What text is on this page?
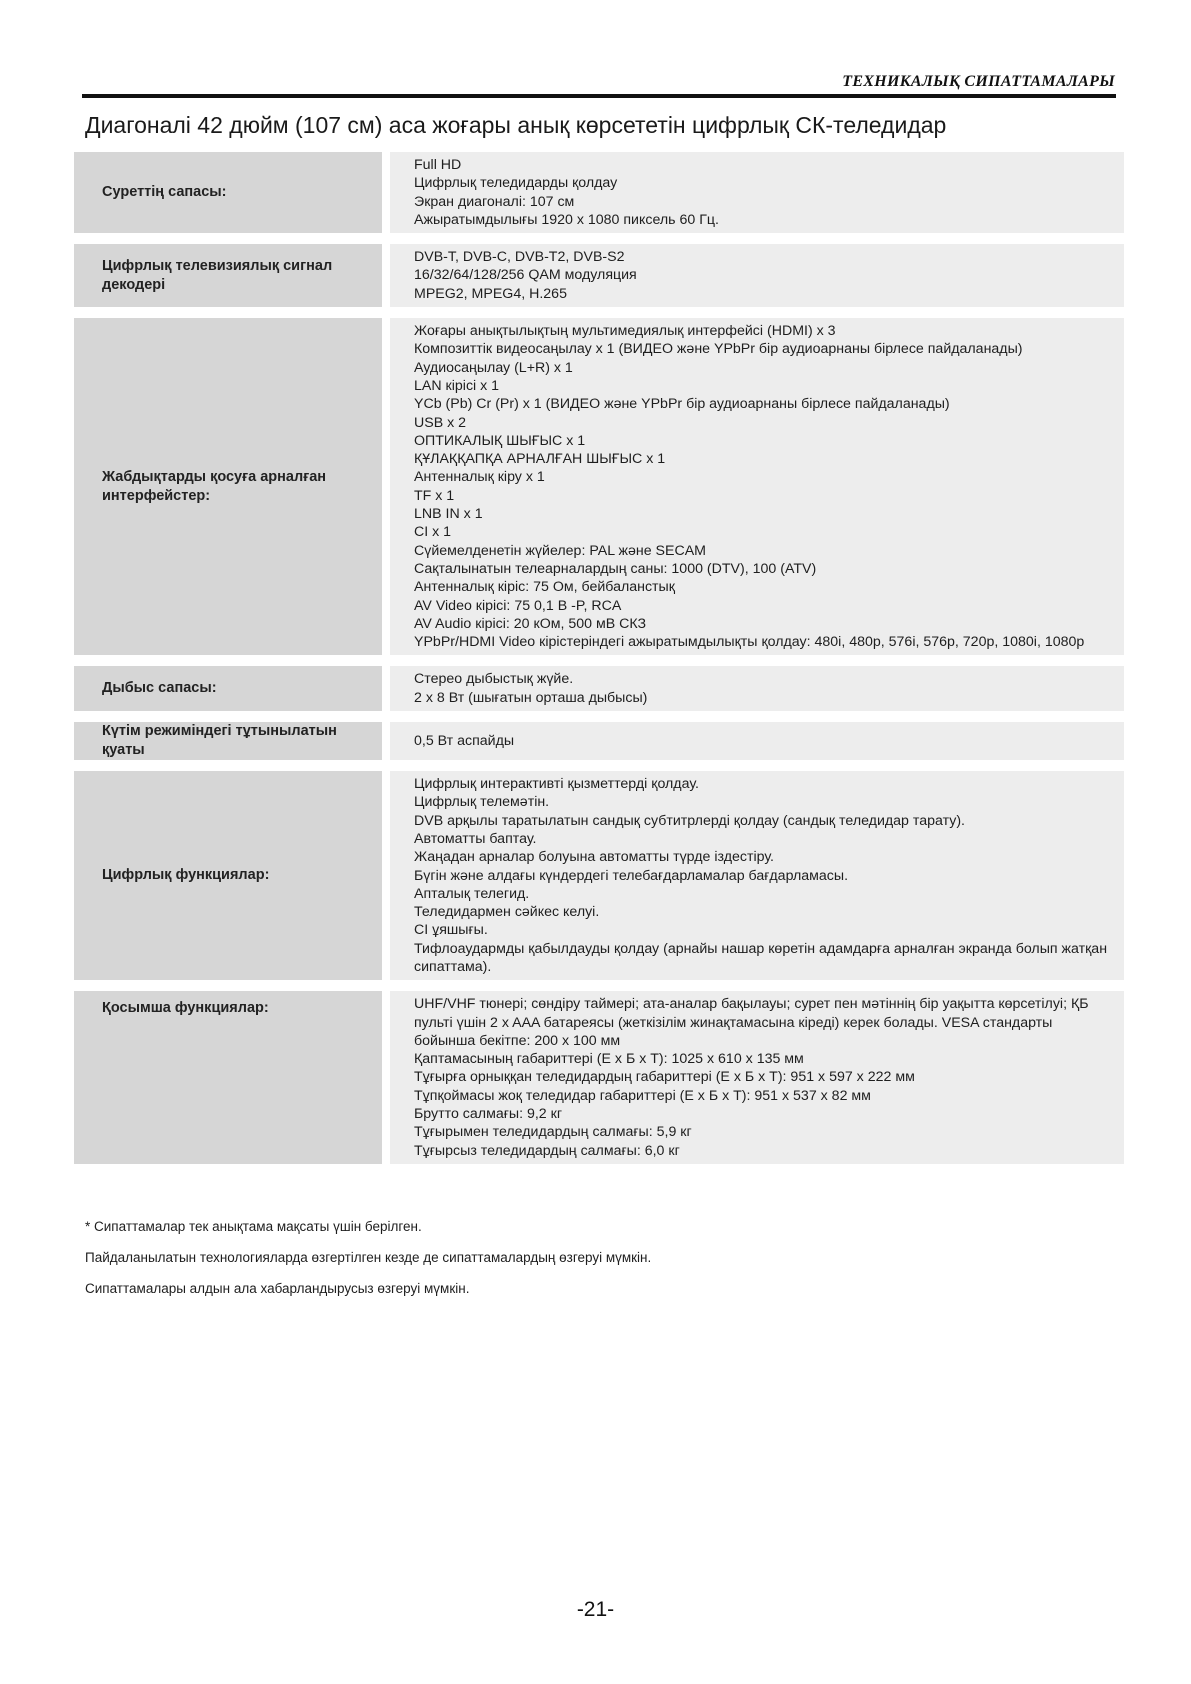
ТЕХНИКАЛЫҚ СИПАТТАМАЛАРЫ
Диагоналі 42 дюйм (107 см) аса жоғары анық көрсететін цифрлық СК-теледидар
Суреттің сапасы:
Full HD
Цифрлық теледидарды қолдау
Экран диагоналі: 107 см
Ажыратымдылығы 1920 x 1080 пиксель 60 Гц.
Цифрлық телевизиялық сигнал декодері
DVB-T, DVB-C, DVB-T2, DVB-S2
16/32/64/128/256 QAM модуляция
MPEG2, MPEG4, H.265
Жабдықтарды қосуға арналған интерфейстер:
Жоғары анықтылықтың мультимедиялық интерфейсі (HDMI) x 3
Композиттік видеосаңылау x 1 (ВИДЕО және YPbPr бір аудиоарнаны бірлесе пайдаланады)
Аудиосаңылау (L+R) x 1
LAN кірісі x 1
YCb (Pb) Cr (Pr) x 1 (ВИДЕО және YPbPr бір аудиоарнаны бірлесе пайдаланады)
USB x 2
ОПТИКАЛЫҚ ШЫҒЫС x 1
ҚҰЛАҚҚАПҚА АРНАЛҒАН ШЫҒЫС x 1
Антенналық кіру x 1
TF x 1
LNB IN x 1
CI x 1
Сүйемелденетін жүйелер: PAL және SECAM
Сақталынатын телеарналардың саны: 1000 (DTV), 100 (ATV)
Антенналық кіріс: 75 Ом, бейбаланстық
AV Video кірісі: 75 0,1 В -P, RCA
AV Audio кірісі: 20 кОм, 500 мВ СКЗ
YPbPr/HDMI Video кірістеріндегі ажыратымдылықты қолдау: 480i, 480p, 576i, 576p, 720p, 1080i, 1080p
Дыбыс сапасы:
Стерео дыбыстық жүйе.
2 x 8 Вт (шығатын орташа дыбысы)
Күтім режиміндегі тұтынылатын қуаты
0,5 Вт аспайды
Цифрлық функциялар:
Цифрлық интерактивті қызметтерді қолдау.
Цифрлық телемәтін.
DVB арқылы таратылатын сандық субтитрлерді қолдау (сандық теледидар тарату).
Автоматты баптау.
Жаңадан арналар болуына автоматты түрде іздестіру.
Бүгін және алдағы күндердегі телебағдарламалар бағдарламасы.
Апталық телегид.
Теледидармен сәйкес келуі.
CI ұяшығы.
Тифлоаудармды қабылдауды қолдау (арнайы нашар көретін адамдарға арналған экранда болып жатқан сипаттама).
Қосымша функциялар:	UHF/VHF тюнері; сөндіру таймері; ата-аналар бақылауы; сурет пен мәтіннің бір уақытта көрсетілуі; ҚБ пульті үшін 2 x AAA батареясы (жеткізілім жинақтамасына кіреді) керек болады. VESA стандарты бойынша бекітпе: 200 x 100 мм
Қаптамасының габариттері (Е x Б x Т): 1025 x 610 x 135 мм
Тұғырға орныққан теледидардың габариттері (Е x Б x Т): 951 x 597 x 222 мм
Тұпқоймасы жоқ теледидар габариттері (Е x Б x Т): 951 x 537 x 82 мм
Брутто салмағы: 9,2 кг
Тұғырымен теледидардың салмағы: 5,9 кг
Тұғырсыз теледидардың салмағы: 6,0 кг
* Сипаттамалар тек анықтама мақсаты үшін берілген.
Пайдаланылатын технологияларда өзгертілген кезде де сипаттамалардың өзгеруі мүмкін.
Сипаттамалары алдын ала хабарландырусыз өзгеруі мүмкін.
-21-
